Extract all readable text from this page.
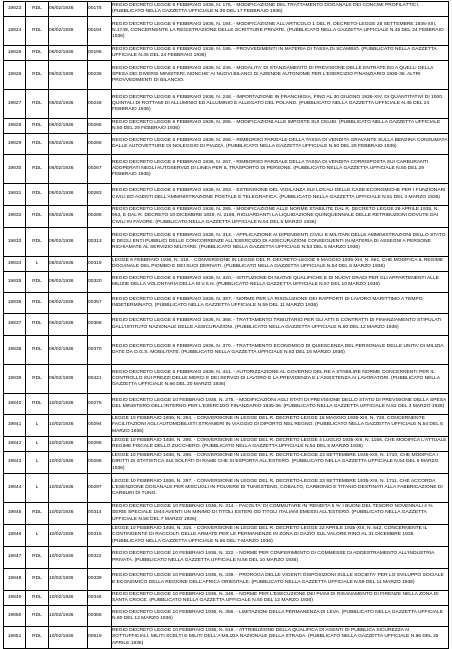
19823	RDL	06/02/1936	00175	REGIO DECRETO LEGGE 6 FEBBRAIO 1936, N. 175. - MODIFICAZIONE DEL TRATTAMENTO DOGANALE DEI CONCIMI PROFILATTICI. (PUBBLICATO NELLA GAZZETTA UFFICIALE N.39 DEL 17 FEBBRAIO 1936)
19824	RDL	06/02/1936	00194	REGIO DECRETO LEGGE 6 FEBBRAIO 1936, N. 194. - MODIFICAZIONE ALL'ARTICOLO 1 DEL R. DECRETO-LEGGE 28 SETTEMBRE 1935-XIII, N.1749, CONCERNENTE LA REGISTRAZIONE DELLE SCRITTURE PRIVATE. (PUBBLICATO NELLA GAZZETTA UFFICIALE N.45 DEL 24 FEBBRAIO 1936)
19825	RDL	06/02/1936	00195	REGIO DECRETO LEGGE 6 FEBBRAIO 1936, N. 195. - PROVVEDIMENTI IN MATERIA DI TASSA DI SCAMBIO. (PUBBLICATO NELLA GAZZETTA UFFICIALE N.45 DEL 24 FEBBRAIO 1936)
19826	RDL	06/02/1936	00236	REGIO DECRETO LEGGE 6 FEBBRAIO 1936, N. 236. - MODALITA' DI STANZIAMENTO DI PREVISIONE DELLE ENTRATE ED A QUELLI DELLA SPESA DEI DIVERSI MINISTERI, NONCHE' AI NUOVI BILANCI DI AZIENDE AUTONOME PER L'ESERCIZIO FINANZIARIO 1935-36. ALTRI PROVVEDIMENTI DI BILANCIO.
19827	RDL	06/02/1936	00248	REGIO DECRETO LEGGE 6 FEBBRAIO 1936, N. 248. - IMPORTAZIONE IN FRANCHIGIA, FINO AL 30 GIUGNO 1936-XIV, DI QUANTITATIVI DI 1000 QUINTALI DI ROTTAMI DI ALLUMINIO ED ALLUMINIO E ALLEGATO DEL POLAND. (PUBBLICATO NELLA GAZZETTA UFFICIALE N.45 DEL 24 FEBBRAIO 1936)
19828	RDL	06/02/1936	00265	REGIO DECRETO LEGGE 6 FEBBRAIO 1936, N. 265. - MODIFICAZIONI ALLE IMPOSTE SUI CELIBI. (PUBBLICATO NELLA GAZZETTA UFFICIALE N.50 DEL 29 FEBBRAIO 1936)
19829	RDL	06/02/1936	00266	REGIO DECRETO LEGGE 6 FEBBRAIO 1936, N. 266. - RIMBORSO PARZIALE DELLA TASSA DI VENDITA GRAVANTE SULLA BENZINA CONSUMATA DALLE AUTOVETTURE DI NOLEGGIO DI PIAZZA. (PUBBLICATO NELLA GAZZETTA UFFICIALE N.50 DEL 29 FEBBRAIO 1936)
19830	RDL	06/02/1936	00267	REGIO DECRETO LEGGE 6 FEBBRAIO 1936, N. 267. - RIMBORSO PARZIALE DELLA TASSA DI VENDITA CORRISPOSTA SUI CARBURANTI ADOPERATI NEGLI AUTOSERVIZI DI LINEA PER IL TRASPORTO DI PERSONE. (PUBBLICATO NELLA GAZZETTA UFFICIALE N.50 DEL 29 FEBBRAIO 1936)
19831	RDL	06/02/1936	00283	REGIO DECRETO LEGGE 6 FEBBRAIO 1936, N. 283. - ESTENSIONE DEL VIGILANZA SUI LOCALI DELLE CASE ECONOMICHE PER I FUNZIONARI CIVILI ED AGENTI DELL'AMMINISTRAZIONE POSTALE E TELEGRAFICA. (PUBBLICATO NELLA GAZZETTA UFFICIALE N.51 DEL 4 MARZO 1936)
19832	RDL	06/02/1936	00285	REGIO DECRETO LEGGE 6 FEBBRAIO 1936, N. 285. - MODIFICAZIONE ALLE NORME STABILITE DAL R. DECRETO LEGGE 29 APRILE 1935, N. 963, E DAL R. DECRETO 10 DICEMBRE 1929, N. 2186, RIGUARDANTI LA LIQUIDAZIONE QUINQUENNALE DELLE RETRIBUZIONI DOVUTE DAI CIVILI IN FAVORE. (PUBBLICATO NELLA GAZZETTA UFFICIALE N.54 DEL 5 MARZO 1936)
19833	RDL	06/02/1936	00313	REGIO DECRETO LEGGE 6 FEBBRAIO 1936, N. 313. - APPLICAZIONE AI DIPENDENTI CIVILI E MILITARI DELLE AMMINISTRAZIONI DELLO STATO E DEGLI ENTI PUBBLICI DELLE CONCORRENZE ALL'ESERCIZIO DI ASSICURAZIONI CONSEGUENTI IN MATERIA DI ASSEGNI A PERSONE RICHIAMATE AL SERVIZIO MILITARE. (PUBBLICATO NELLA GAZZETTA UFFICIALE N.53 DEL 5 MARZO 1936)
19834	L	06/02/1936	00319	LEGGE 6 FEBBRAIO 1936, N. 319. - CONVERSIONE IN LEGGE DEL R. DECRETO-LEGGE 9 MAGGIO 1935-XIII, N. 661, CHE MODIFICA IL REGIME DOGANALE DEL PIOMBO E DEI SUOI DERIVATI. (PUBBLICATO NELLA GAZZETTA UFFICIALE N.54 DEL 6 MARZO 1936)
19835	RDL	06/02/1936	00320	REGIO DECRETO LEGGE 6 FEBBRAIO 1936, N. 320. - ISTITUZIONE DI NUOVE QUALIFICHE E DI NUOVI GRADI PER GLI APPARTENENTI ALLE MILIZIE DELLA VOLONTARIA DELLA M.V.S.N. (PUBBLICATO NELLA GAZZETTA UFFICIALE N.57 DEL 10 MARZO 1936)
19836	RDL	06/02/1936	00357	REGIO DECRETO LEGGE 6 FEBBRAIO 1936, N. 357. - NORME PER LA RISOLUZIONE DEI RAPPORTI DI LAVORO MARITTIMO A TEMPO INDETERMINATO. (PUBBLICATO NELLA GAZZETTA UFFICIALE N.59 DEL 11 MARZO 1936)
19837	RDL	06/02/1936	00368	REGIO DECRETO LEGGE 6 FEBBRAIO 1936, N. 368. - TRATTAMENTO TRIBUTARIO PER GLI ATTI E CONTRATTI DI FINANZIAMENTO STIPULATI DALL'ISTITUTO NAZIONALE DELLE ASSICURAZIONI. (PUBBLICATO NELLA GAZZETTA UFFICIALE N.60 DEL 12 MARZO 1936)
19838	RDL	06/02/1936	00370	REGIO DECRETO LEGGE 6 FEBBRAIO 1936, N. 370. - TRATTAMENTO ECONOMICO DI QUIESCENZA DEL PERSONALE DELLE UNITA' DI MILIZIA DATE DA O.G.S. MOBILITATE. (PUBBLICATO NELLA GAZZETTA UFFICIALE N.63 DEL 16 MARZO 1936)
19839	RDL	06/02/1936	00421	REGIO DECRETO LEGGE 6 FEBBRAIO 1936, N. 421. - AUTORIZZAZIONE AL GOVERNO DEL RE A STABILIRE NORME CONCERNENTI PER IL CONTROLLO SUI PREZZI DELLE MERCI E DEI SERVIZI DI LAVORO E LA PREVIDENZA E L'ASSISTENZA AI LAVORATORI. (PUBBLICATO NELLA GAZZETTA UFFICIALE N.66 DEL 20 MARZO 1936)
19840	RDL	10/02/1936	00275	REGIO DECRETO LEGGE 10 FEBBRAIO 1936, N. 275. - MODIFICAZIONI AGLI STATI DI PREVISIONE DELLO STATO DI PREVISIONE DELLA SPESA DEL MINISTERO DELL'INTERNO PER L'ESERCIZIO FINANZIARIO 1935-36. (PUBBLICATO NELLA GAZZETTA UFFICIALE N.52 DEL 3 MARZO 1936)
19841	L	10/02/1936	00294	LEGGE 10 FEBBRAIO 1936, N. 294. - CONVERSIONE IN LEGGE DEL R. DECRETO LEGGE 16 MAGGIO 1935-XIII, N. 726, CONCERNENTE FACILITAZIONI AGLI AUTOMOBILISTI STRANIERI IN VIAGGIO DI DIPORTO NEL REGNO. (PUBBLICATO NELLA GAZZETTA UFFICIALE N.54 DEL 5 MARZO 1936)
19842	L	10/02/1936	00295	LEGGE 10 FEBBRAIO 1936, N. 295. - CONVERSIONE IN LEGGE DEL R. DECRETO LEGGE 4 LUGLIO 1935-XIII, N. 1156, CHE MODIFICA L'ATTUALE REGIME FISCALE DELLO ZUCCHERO. (PUBBLICATO NELLA GAZZETTA UFFICIALE N.54 DEL 5 MARZO 1936)
19843	L	10/02/1936	00296	LEGGE 10 FEBBRAIO 1936, N. 296. - CONVERSIONE IN LEGGE DEL R. DECRETO-LEGGE 23 SETTEMBRE 1935-XIII, N. 1710, CHE MODIFICA I DIRITTI DI STATISTICA SUI SOLFATI DI RAME CHE SI ESPORTA ALL'ESTERO. (PUBBLICATO NELLA GAZZETTA UFFICIALE N.54 DEL 5 MARZO 1936)
19844	L	10/02/1936	00297	LEGGE 10 FEBBRAIO 1936, N. 297. - CONVERSIONE IN LEGGE DEL R. DECRETO-LEGGE 23 SETTEMBRE 1935-XIII, N. 1711, CHE ACCORDA L'ESENZIONE DOGANALE PER MISCUGLI IN POLVERE DI TUNGSTENO, COBALTO, CARBONIO E TITANIO DESTINATI ALLA FABBRICAZIONE DI CARBURI DI TUNG.
19845	RDL	10/02/1936	00314	REGIO DECRETO LEGGE 10 FEBBRAIO 1936, N. 314. - FACOLTA' DI COMMUTARE IN 'RENDITA 5 %' I BUONI DEL TESORO NOVENNALI 4 % SERIE SPECIALE 1944 AVENTI UN MINIMO DI TITOLI ESTERI OD TITOLI ITALIANI EMESSI ALL'ESTERO. (PUBBLICATO NELLA GAZZETTA UFFICIALE N.56 DEL 7 MARZO 1936)
19846	L	10/02/1936	00316	LEGGE 10 FEBBRAIO 1936, N. 316. - CONVERSIONE IN LEGGE DEL R. DECRETO LEGGE 22 APRILE 1935-XIII, N. 542, CONCERNENTE IL CONTINGENTE DI RACCOLTI DELLE ARMATE PER LE PERMANENZE IN ZONA DI DAZIO SUL VALORE RINO AL 31 DICEMBRE 1935. (PUBBLICATO NELLA GAZZETTA UFFICIALE N.56 DEL 7 MARZO 1936)
19847	RDL	10/02/1936	00322	REGIO DECRETO LEGGE 10 FEBBRAIO 1936, N. 322. - NORME PER CONFERIMENTO DI COMMESSE DI ADDESTRAMENTO ALL'INDUSTRIA PRIVATA. (PUBBLICATO NELLA GAZZETTA UFFICIALE N.56 DEL 10 MARZO 1936)
19848	RDL	10/02/1936	00339	REGIO DECRETO LEGGE 10 FEBBRAIO 1936, N. 339. - PROROGA DELLE VIGENTI DISPOSIZIONI SULLE SOCIETA' PER LO SVILUPPO SOCIALE E ECONOMICO DELLA REGIONE DELL'AFRICA ORIENTALE. (PUBBLICATO NELLA GAZZETTA UFFICIALE N.59 DEL 11 MARZO 1936)
19849	RDL	10/02/1936	00346	REGIO DECRETO LEGGE 10 FEBBRAIO 1936, N. 346. - NORME PER L'ESECUZIONE DEI PIANI DI RISANAMENTO DI FIRENZE NELLA ZONA DI SANTA CROCE. (PUBBLICATO NELLA GAZZETTA UFFICIALE N.60 DEL 12 MARZO 1936)
19850	RDL	10/02/1936	00356	REGIO DECRETO LEGGE 10 FEBBRAIO 1936, N. 356. - LIMITAZIONI DELLA PERMANENZA DI LEVA. (PUBBLICATO NELLA GAZZETTA UFFICIALE N.60 DEL 12 MARZO 1936)
19851	RDL	10/02/1936	00619	REGIO DECRETO LEGGE 10 FEBBRAIO 1936, N. 619. - ATTRIBUZIONE DELLA QUALIFICA DI AGENTI DI PUBBLICA SICUREZZA AI SOTTUFFICIALI, MILITI SCELTI E MILITI DELL'A MILIZIA NAZIONALE DELLA STRADA. (PUBBLICATO NELLA GAZZETTA UFFICIALE N.96 DEL 25 APRILE 1936)
